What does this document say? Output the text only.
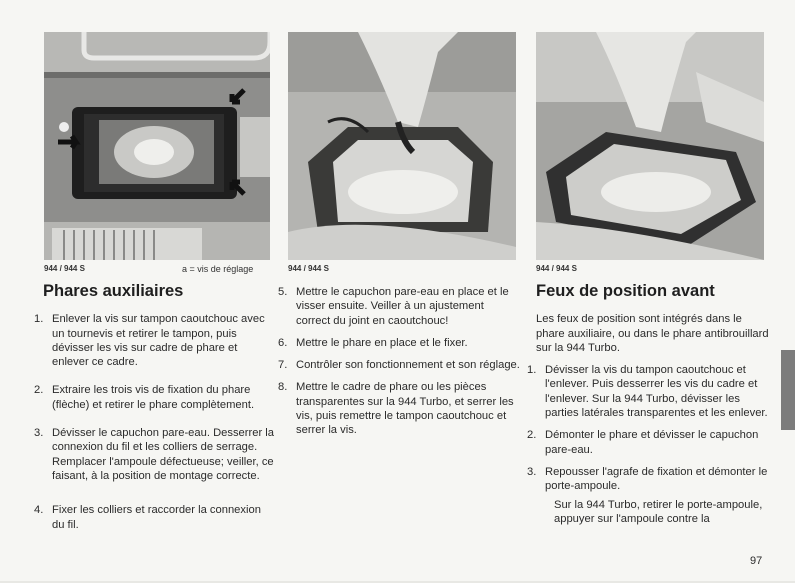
944 / 944 S	a = vis de réglage	944 / 944 S	944 / 944 S
Phares auxiliaires
1. Enlever la vis sur tampon caoutchouc avec un tournevis et retirer le tampon, puis dévisser les vis sur cadre de phare et enlever ce cadre.
2. Extraire les trois vis de fixation du phare (flèche) et retirer le phare complètement.
3. Dévisser le capuchon pare-eau. Desserrer la connexion du fil et les colliers de serrage. Remplacer l'ampoule défectueuse; veiller, ce faisant, à la position de montage correcte.
4. Fixer les colliers et raccorder la connexion du fil.
5. Mettre le capuchon pare-eau en place et le visser ensuite. Veiller à un ajustement correct du joint en caoutchouc!
6. Mettre le phare en place et le fixer.
7. Contrôler son fonctionnement et son réglage.
8. Mettre le cadre de phare ou les pièces transparentes sur la 944 Turbo, et serrer les vis, puis remettre le tampon caoutchouc et serrer la vis.
Feux de position avant

Les feux de position sont intégrés dans le phare auxiliaire, ou dans le phare antibrouillard sur la 944 Turbo.

1. Dévisser la vis du tampon caoutchouc et l'enlever. Puis desserrer les vis du cadre et l'enlever. Sur la 944 Turbo, dévisser les parties latérales transparentes et les enlever.
2. Démonter le phare et dévisser le capuchon pare-eau.
3. Repousser l'agrafe de fixation et démonter le porte-ampoule.

Sur la 944 Turbo, retirer le porte-ampoule, appuyer sur l'ampoule contre la

97
